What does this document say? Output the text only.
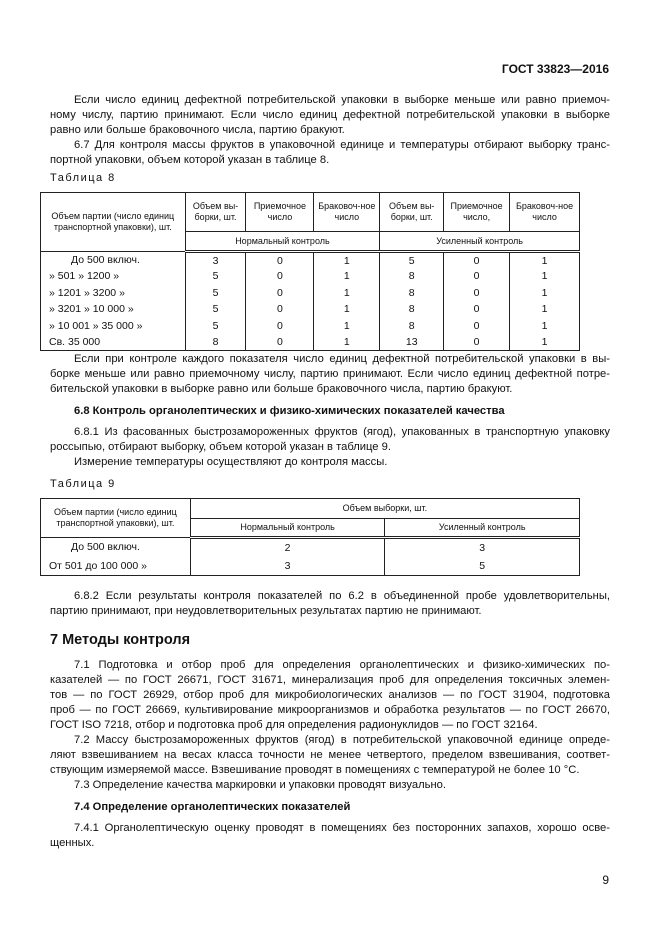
ГОСТ 33823—2016
Если число единиц дефектной потребительской упаковки в выборке меньше или равно приемоч-
ному числу, партию принимают. Если число единиц дефектной потребительской упаковки в выборке
равно или больше браковочного числа, партию бракуют.
6.7 Для контроля массы фруктов в упаковочной единице и температуры отбирают выборку транс-
портной упаковки, объем которой указан в таблице 8.
Таблица 8
Объем партии (число единиц транспортной упаковки), шт.	Объем вы-борки, шт.	Приемочное число	Браковоч-ное число	Объем вы-борки, шт.	Приемочное число,	Браковоч-ное число
	Нормальный контроль			Усиленный контроль		
До 500 включ.	3	0	1	5	0	1
» 501 » 1200 »	5	0	1	8	0	1
» 1201 » 3200 »	5	0	1	8	0	1
» 3201 » 10 000 »	5	0	1	8	0	1
» 10 001 » 35 000 »	5	0	1	8	0	1
Св. 35 000	8	0	1	13	0	1
Если при контроле каждого показателя число единиц дефектной потребительской упаковки в вы-
борке меньше или равно приемочному числу, партию принимают. Если число единиц дефектной потре-
бительской упаковки в выборке равно или больше браковочного числа, партию бракуют.
6.8 Контроль органолептических и физико-химических показателей качества
6.8.1 Из фасованных быстрозамороженных фруктов (ягод), упакованных в транспортную упаковку
россыпью, отбирают выборку, объем которой указан в таблице 9.
Измерение температуры осуществляют до контроля массы.
Таблица 9
Объем партии (число единиц транспортной упаковки), шт.	Объем выборки, шт.	
	Нормальный контроль	Усиленный контроль
До 500 включ.	2	3
От 501 до 100 000 »	3	5
6.8.2 Если результаты контроля показателей по 6.2 в объединенной пробе удовлетворительны,
партию принимают, при неудовлетворительных результатах партию не принимают.
7 Методы контроля
7.1 Подготовка и отбор проб для определения органолептических и физико-химических по-
казателей — по ГОСТ 26671, ГОСТ 31671, минерализация проб для определения токсичных элемен-
тов — по ГОСТ 26929, отбор проб для микробиологических анализов — по ГОСТ 31904, подготовка
проб — по ГОСТ 26669, культивирование микроорганизмов и обработка результатов — по ГОСТ 26670,
ГОСТ ISO 7218, отбор и подготовка проб для определения радионуклидов — по ГОСТ 32164.
7.2 Массу быстрозамороженных фруктов (ягод) в потребительской упаковочной единице опреде-
ляют взвешиванием на весах класса точности не менее четвертого, пределом взвешивания, соответ-
ствующим измеряемой массе. Взвешивание проводят в помещениях с температурой не более 10 °С.
7.3 Определение качества маркировки и упаковки проводят визуально.
7.4 Определение органолептических показателей
7.4.1 Органолептическую оценку проводят в помещениях без посторонних запахов, хорошо осве-
щенных.
9
